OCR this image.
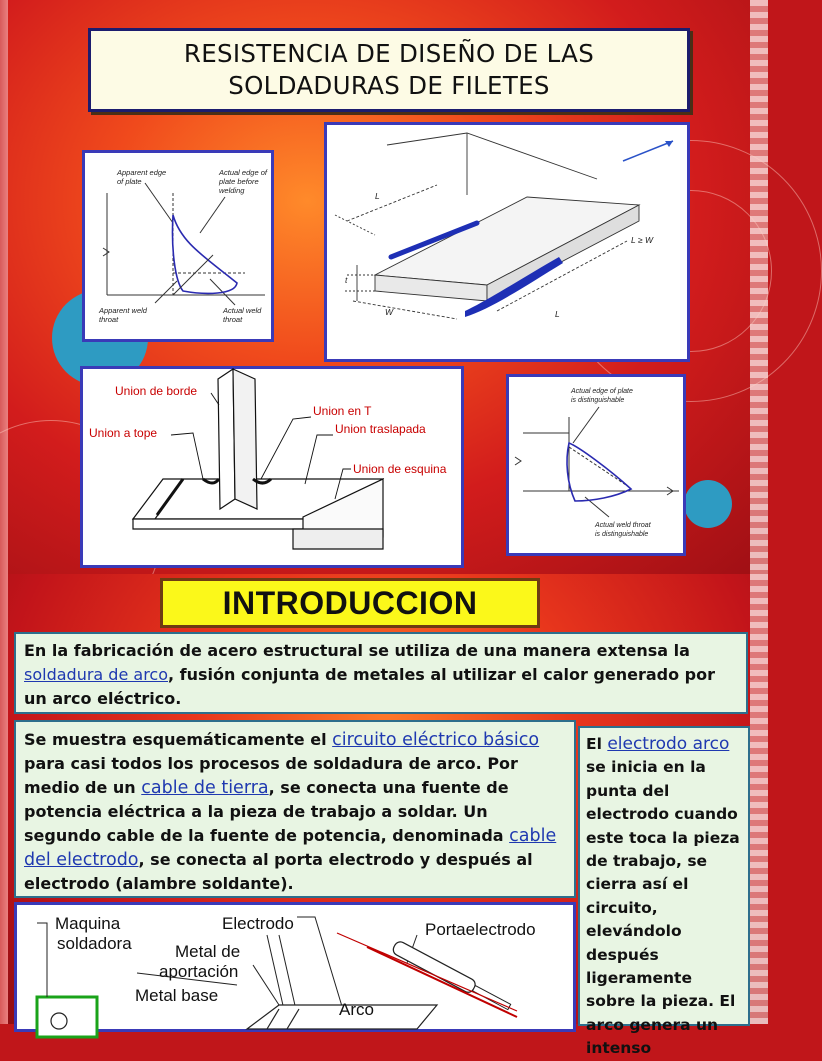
RESISTENCIA DE DISEÑO DE LAS SOLDADURAS DE FILETES
Apparent edge
of plate
Actual edge of
plate before
welding
Apparent weld
throat
Actual weld
throat
L
L
t
W
L ≥ W
Union de borde
Union a tope
Union en T
Union traslapada
Union de esquina
Actual edge of plate
is distinguishable
Actual weld throat
is distinguishable
INTRODUCCION
En la fabricación de acero estructural se utiliza de una manera extensa la soldadura de arco, fusión conjunta de metales al utilizar el calor generado por un arco eléctrico.
Se muestra esquemáticamente el circuito eléctrico básico para casi todos los procesos de soldadura de arco. Por medio de un cable de tierra, se conecta una fuente de potencia eléctrica a la pieza de trabajo a soldar. Un segundo cable de la fuente de potencia, denominada cable del electrodo, se conecta al porta electrodo y después al electrodo (alambre soldante).
El electrodo arco se inicia en la punta del electrodo cuando este toca la pieza de trabajo, se cierra así el circuito, elevándolo después ligeramente sobre la pieza. El arco genera un intenso
Maquina
soldadora
Electrodo	Portaelectrodo
Metal de
aportación
Metal base
Arco
